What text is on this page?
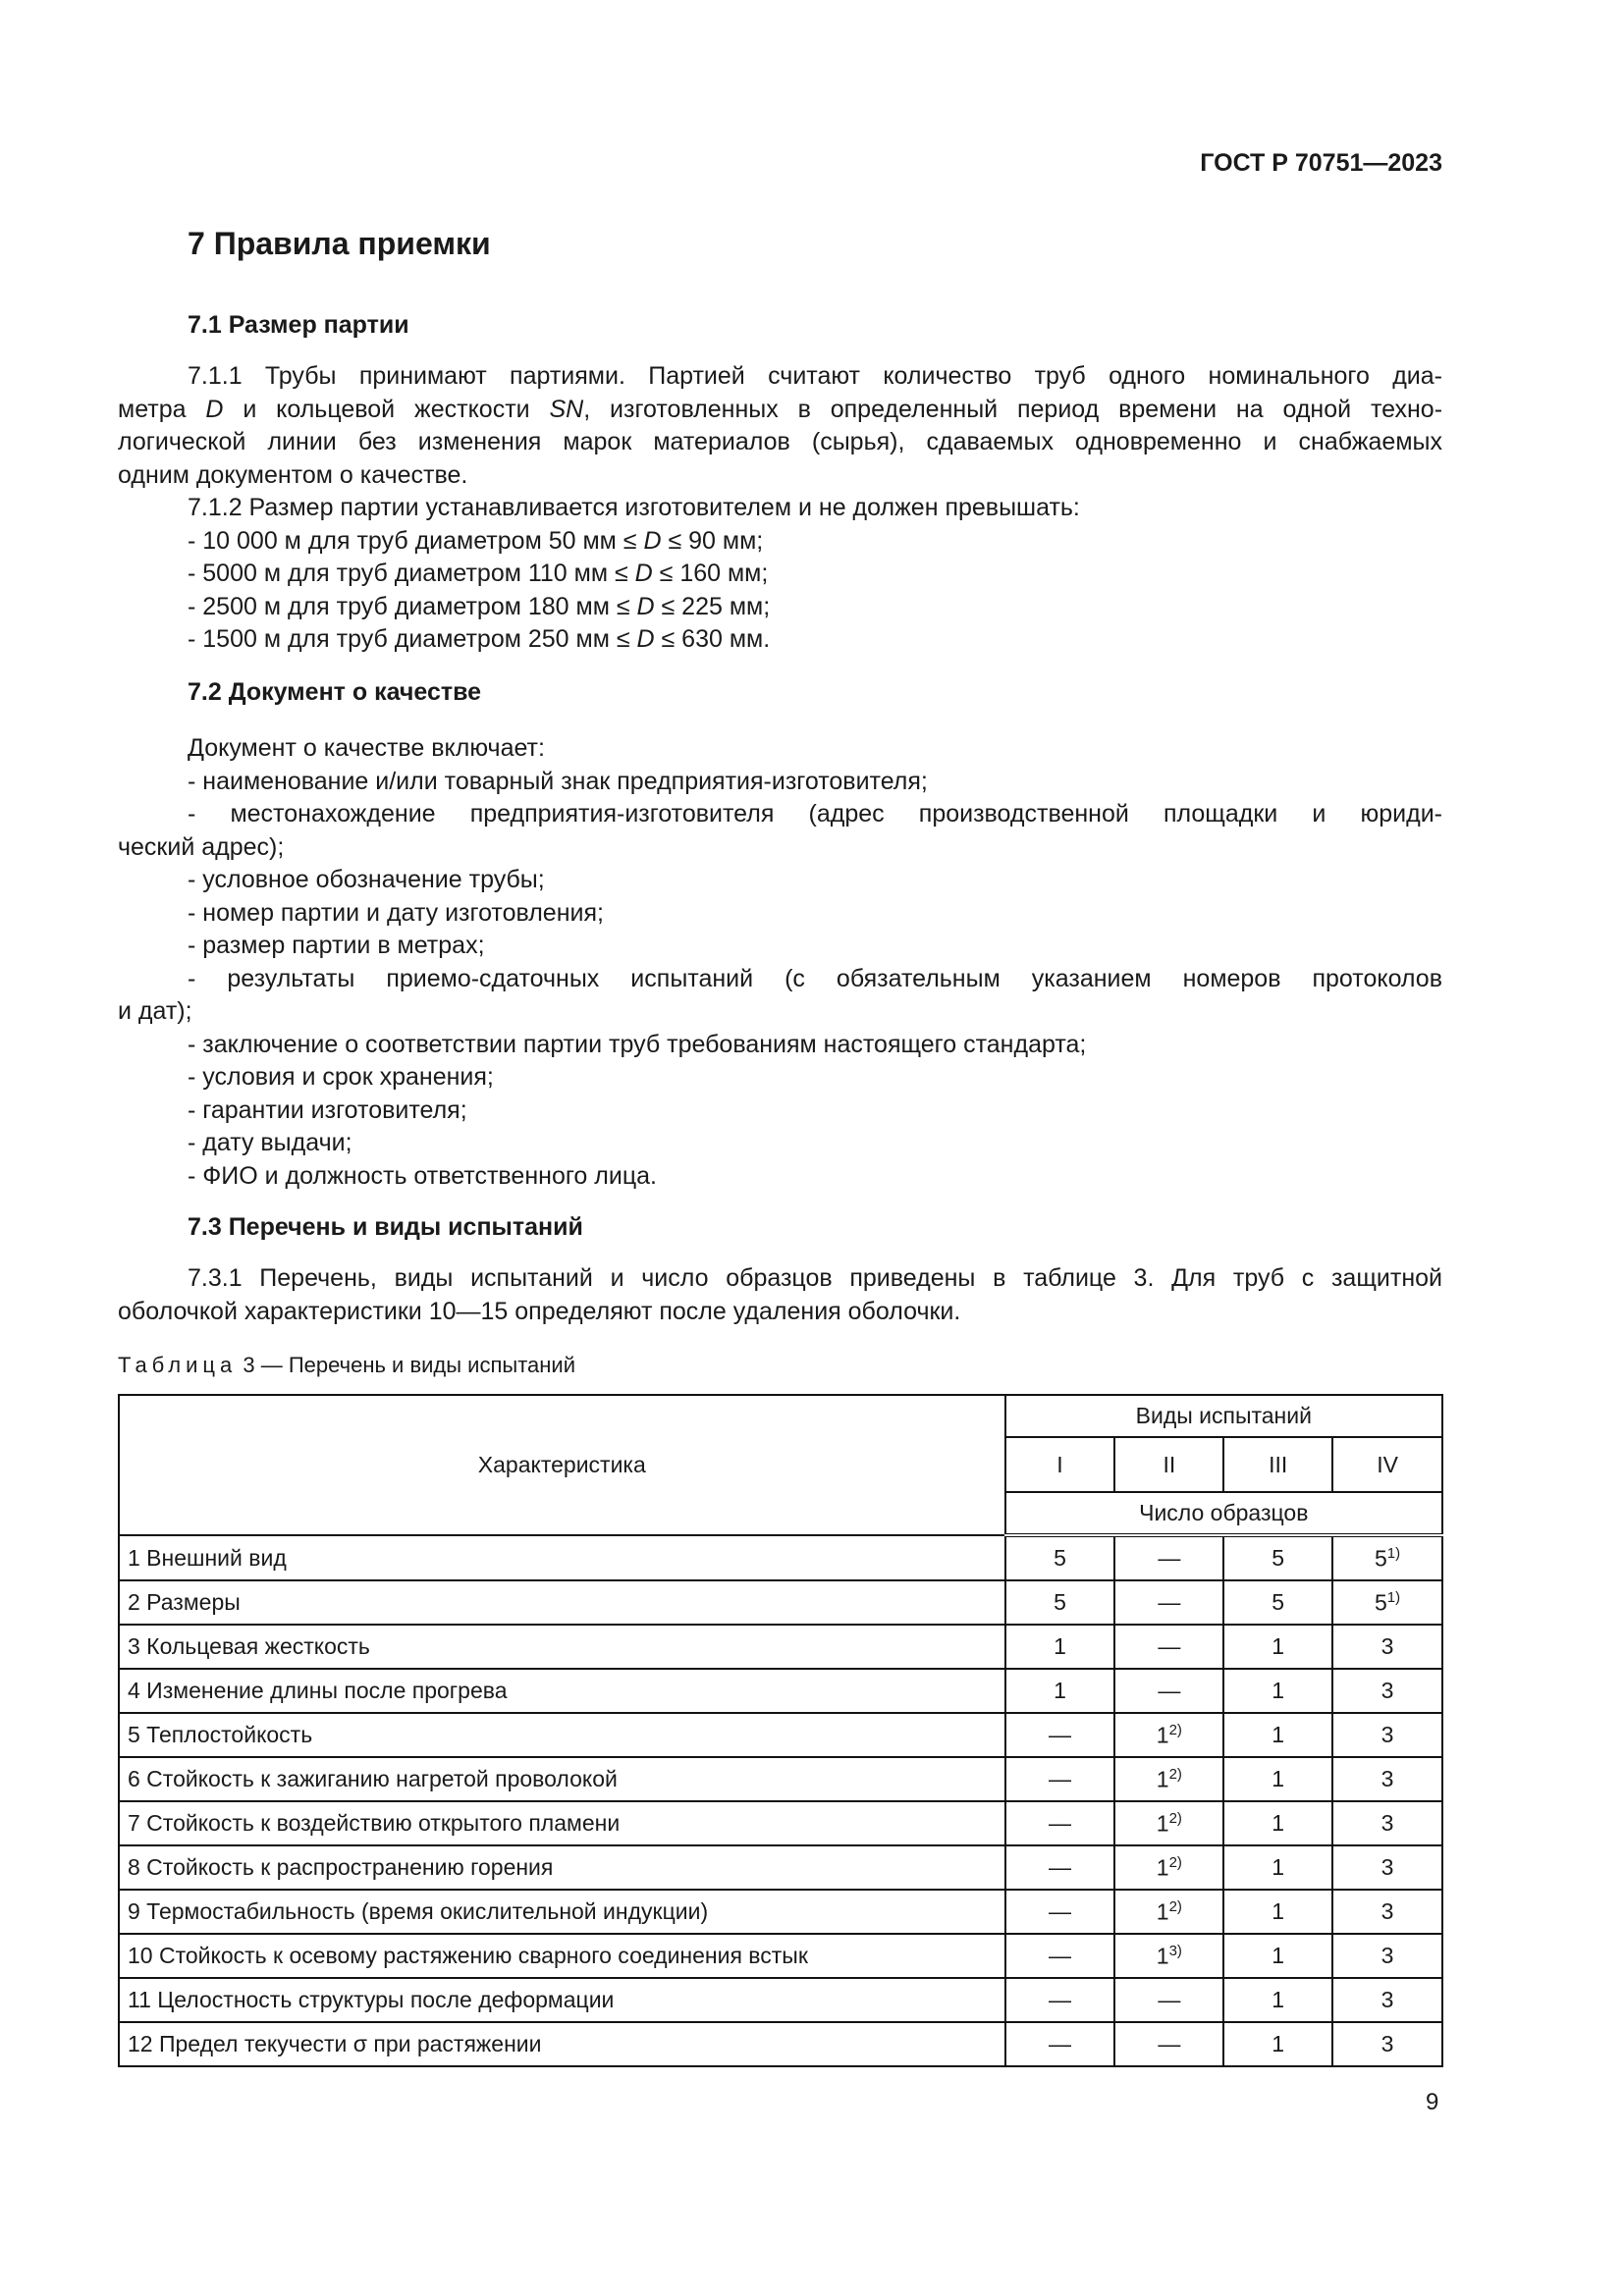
ГОСТ Р 70751—2023
7 Правила приемки
7.1 Размер партии
7.1.1 Трубы принимают партиями. Партией считают количество труб одного номинального диа-
метра D и кольцевой жесткости SN, изготовленных в определенный период времени на одной техно-
логической линии без изменения марок материалов (сырья), сдаваемых одновременно и снабжаемых
одним документом о качестве.
7.1.2 Размер партии устанавливается изготовителем и не должен превышать:
- 10 000 м для труб диаметром 50 мм ≤ D ≤ 90 мм;
- 5000 м для труб диаметром 110 мм ≤ D ≤ 160 мм;
- 2500 м для труб диаметром 180 мм ≤ D ≤ 225 мм;
- 1500 м для труб диаметром 250 мм ≤ D ≤ 630 мм.
7.2 Документ о качестве
Документ о качестве включает:
- наименование и/или товарный знак предприятия-изготовителя;
- местонахождение предприятия-изготовителя (адрес производственной площадки и юриди-
ческий адрес);
- условное обозначение трубы;
- номер партии и дату изготовления;
- размер партии в метрах;
- результаты приемо-сдаточных испытаний (с обязательным указанием номеров протоколов
и дат);
- заключение о соответствии партии труб требованиям настоящего стандарта;
- условия и срок хранения;
- гарантии изготовителя;
- дату выдачи;
- ФИО и должность ответственного лица.
7.3 Перечень и виды испытаний
7.3.1 Перечень, виды испытаний и число образцов приведены в таблице 3. Для труб с защитной
оболочкой характеристики 10—15 определяют после удаления оболочки.
Таблица 3 — Перечень и виды испытаний
Характеристика	Виды испытаний			
	I	II	III	IV
	Число образцов			
1 Внешний вид	5	—	5	5$^{1)}$
2 Размеры	5	—	5	5$^{1)}$
3 Кольцевая жесткость	1	—	1	3
4 Изменение длины после прогрева	1	—	1	3
5 Теплостойкость	—	1$^{2)}$	1	3
6 Стойкость к зажиганию нагретой проволокой	—	1$^{2)}$	1	3
7 Стойкость к воздействию открытого пламени	—	1$^{2)}$	1	3
8 Стойкость к распространению горения	—	1$^{2)}$	1	3
9 Термостабильность (время окислительной индукции)	—	1$^{2)}$	1	3
10 Стойкость к осевому растяжению сварного соединения встык	—	1$^{3)}$	1	3
11 Целостность структуры после деформации	—	—	1	3
12 Предел текучести σ при растяжении	—	—	1	3
9
